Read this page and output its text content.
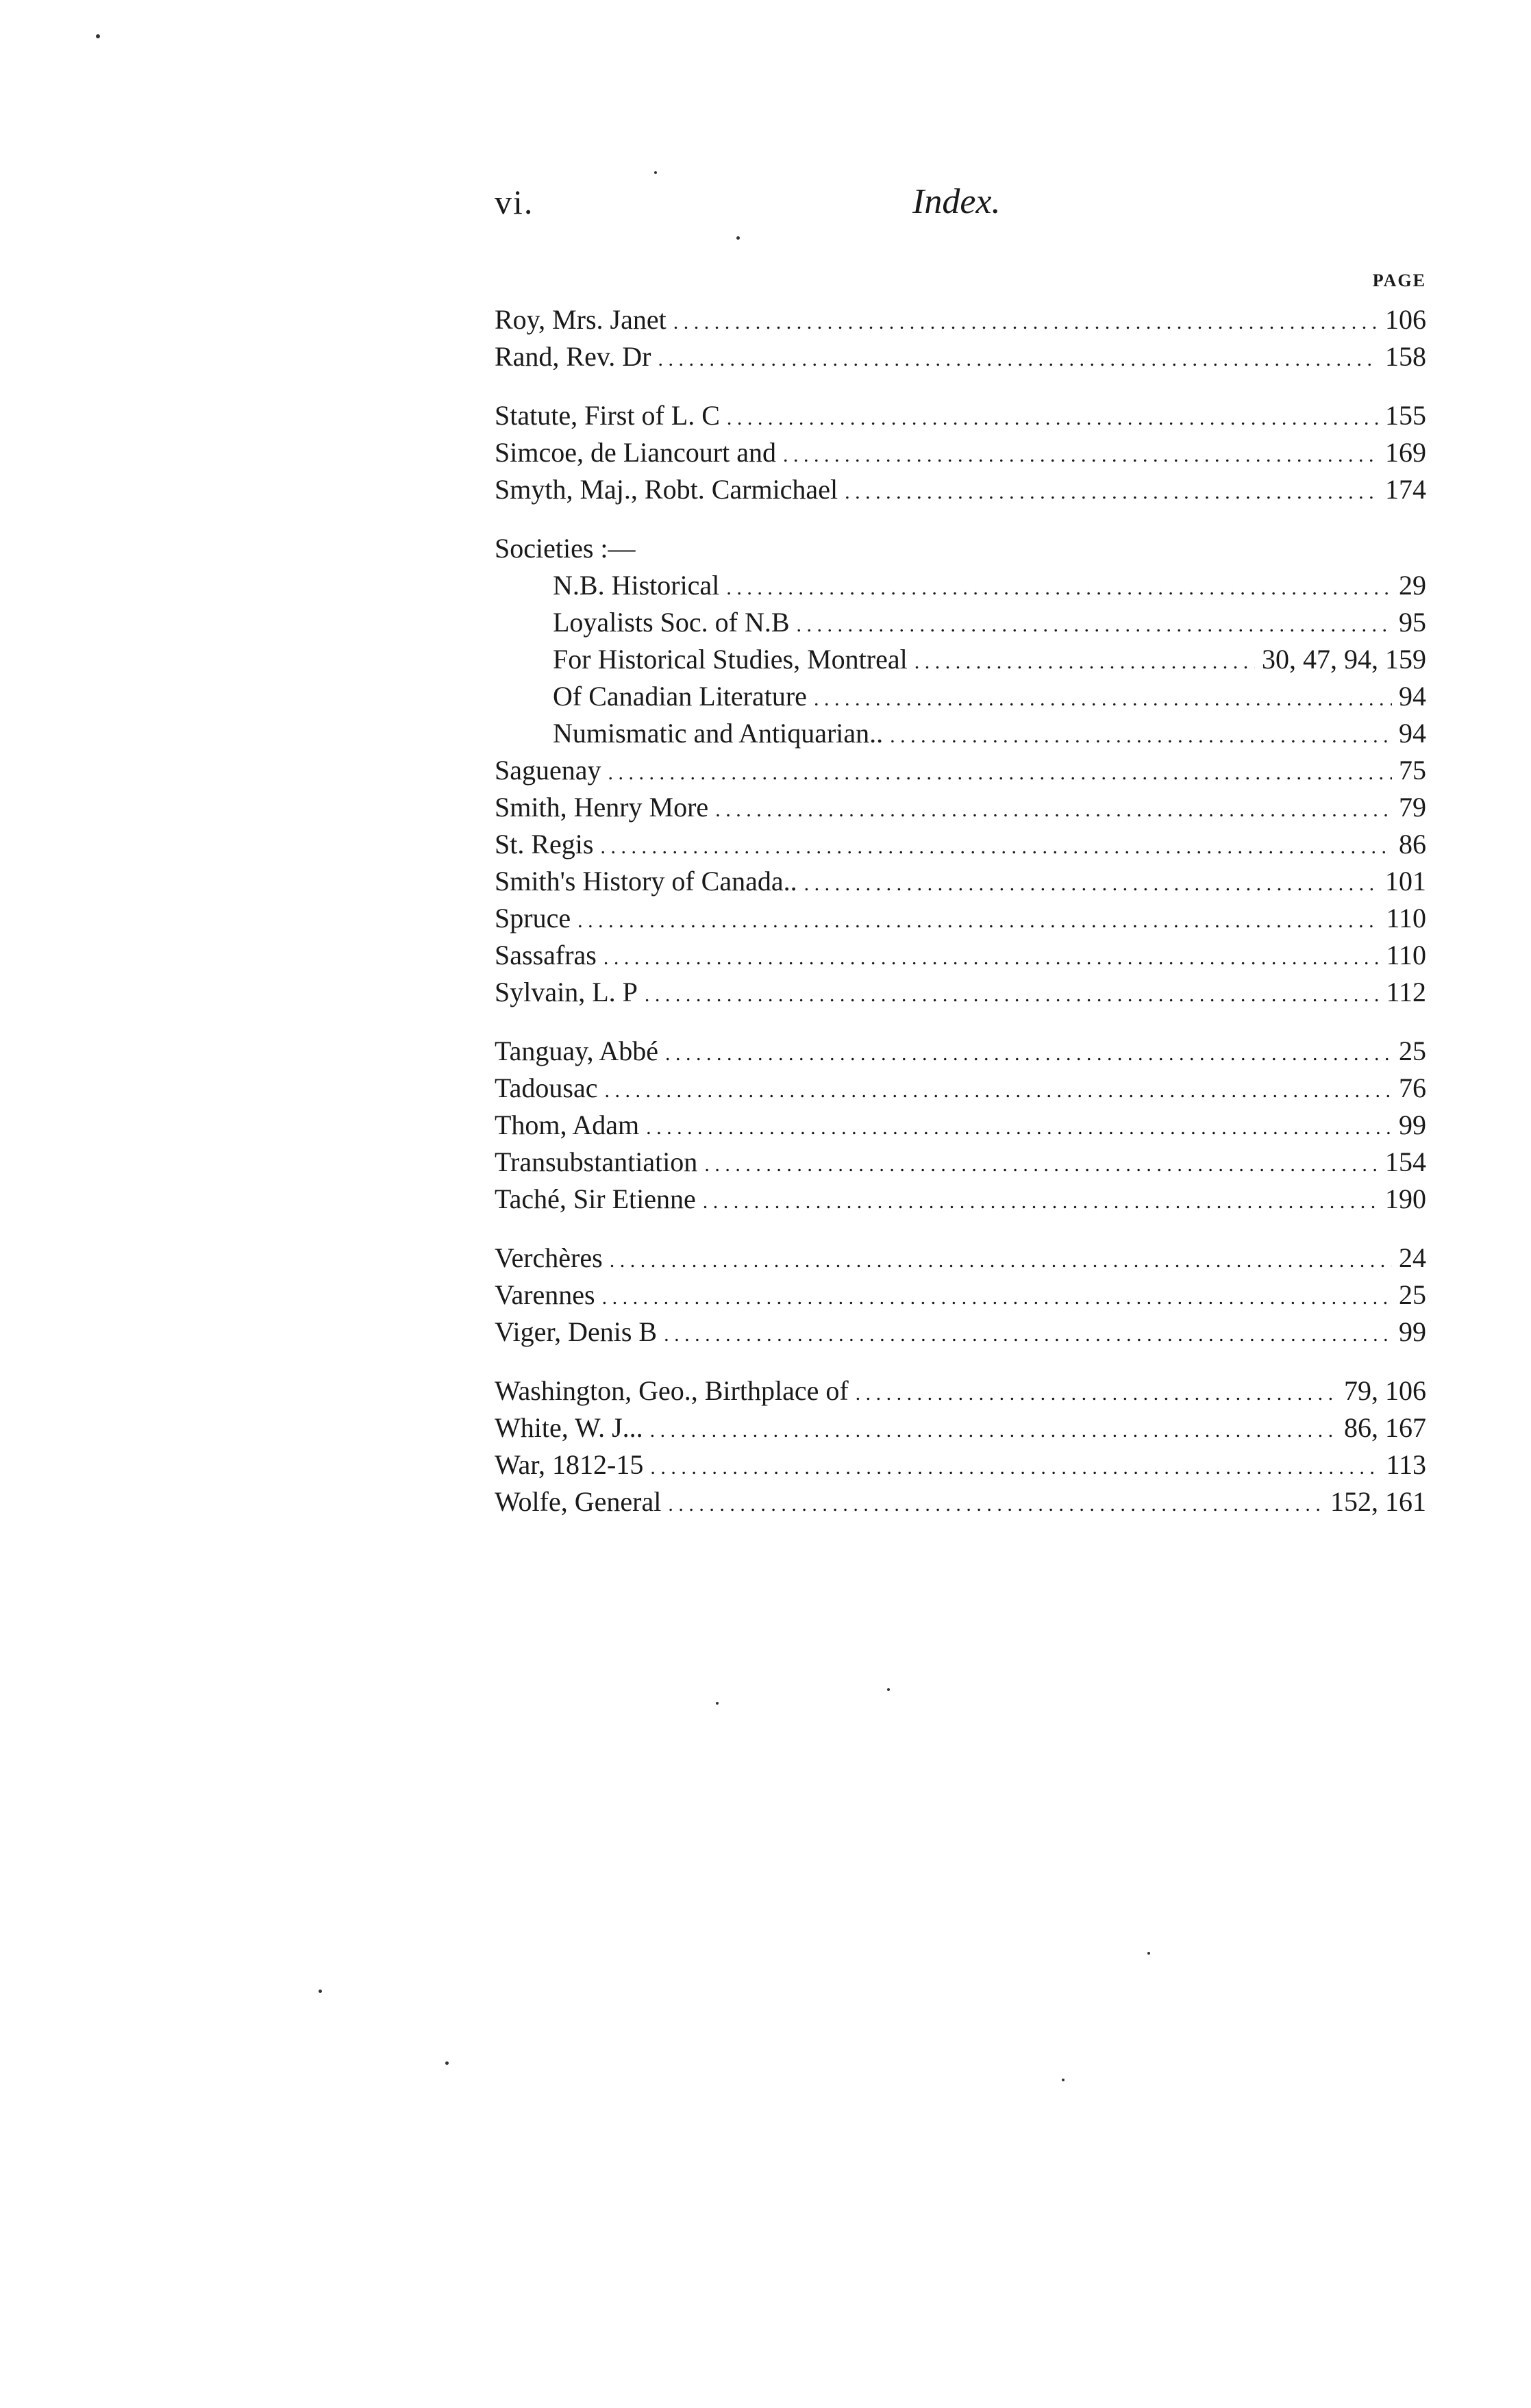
vi.	Index.
PAGE
Roy, Mrs. Janet . . .	106
Rand, Rev. Dr . . .	158
Statute, First of L. C . . .	155
Simcoe, de Liancourt and . . .	169
Smyth, Maj., Robt. Carmichael . . .	174
Societies :—
N.B. Historical . . .	29
Loyalists Soc. of N.B . . .	95
For Historical Studies, Montreal . . .	30, 47, 94, 159
Of Canadian Literature . . .	94
Numismatic and Antiquarian.. . . .	94
Saguenay . . .	75
Smith, Henry More . . .	79
St. Regis . . .	86
Smith's History of Canada.. . . .	101
Spruce . . .	110
Sassafras . . .	110
Sylvain, L. P . . .	112
Tanguay, Abbé . . .	25
Tadousac . . .	76
Thom, Adam . . .	99
Transubstantiation . . .	154
Taché, Sir Etienne . . .	190
Verchères . . .	24
Varennes . . .	25
Viger, Denis B . . .	99
Washington, Geo., Birthplace of . . .	79, 106
White, W. J... . . .	86, 167
War, 1812-15 . . .	113
Wolfe, General . . .	152, 161
